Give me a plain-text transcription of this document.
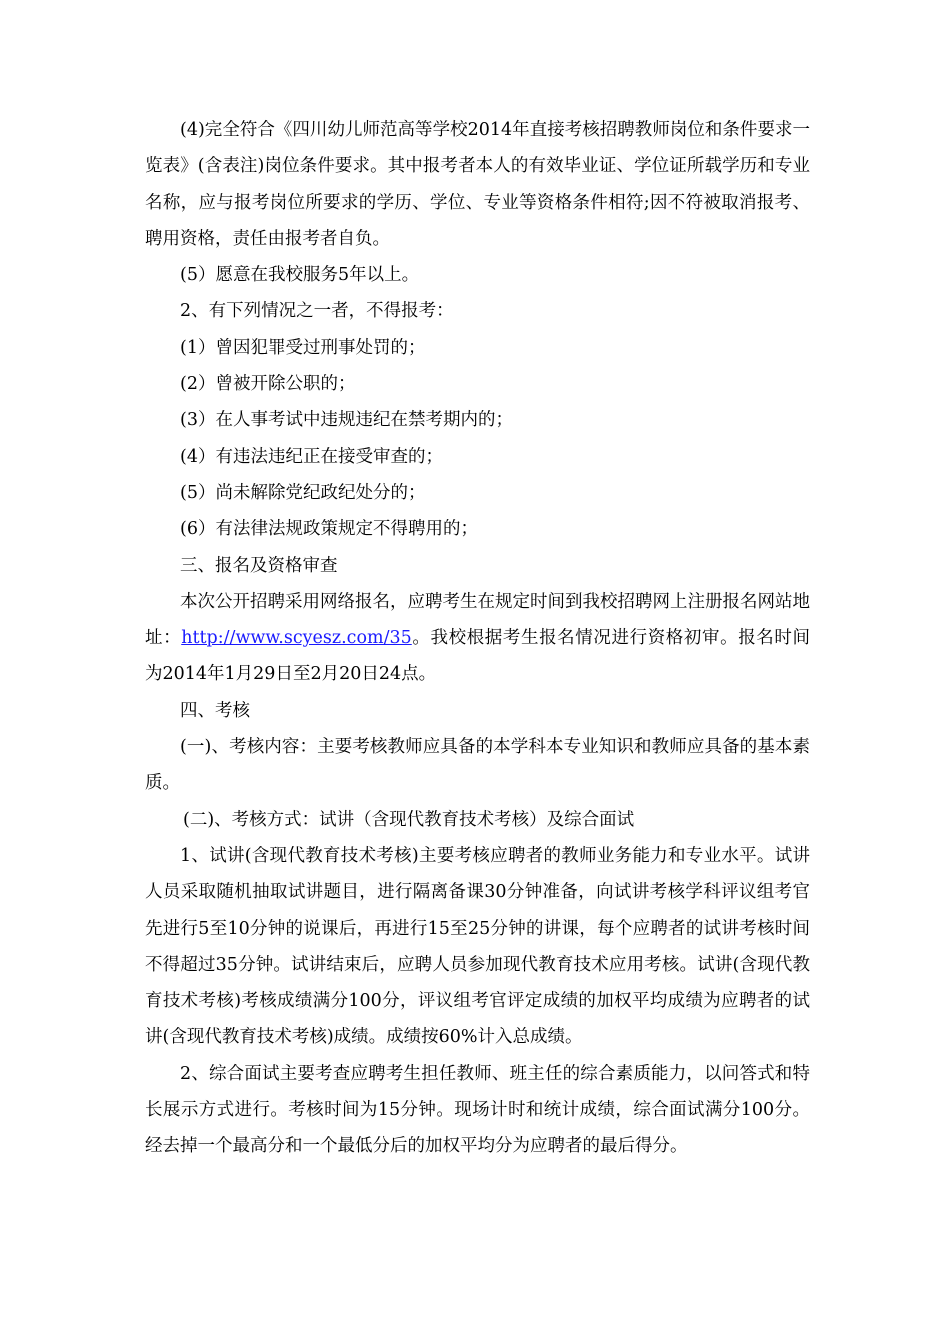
(4)完全符合《四川幼儿师范高等学校2014年直接考核招聘教师岗位和条件要求一览表》(含表注)岗位条件要求。其中报考者本人的有效毕业证、学位证所载学历和专业名称，应与报考岗位所要求的学历、学位、专业等资格条件相符;因不符被取消报考、聘用资格，责任由报考者自负。

(5）愿意在我校服务5年以上。

2、有下列情况之一者，不得报考：

(1）曾因犯罪受过刑事处罚的；

(2）曾被开除公职的；

(3）在人事考试中违规违纪在禁考期内的；

(4）有违法违纪正在接受审查的；

(5）尚未解除党纪政纪处分的；

(6）有法律法规政策规定不得聘用的；

三、报名及资格审查

本次公开招聘采用网络报名，应聘考生在规定时间到我校招聘网上注册报名网站地址：http://www.scyesz.com/35。我校根据考生报名情况进行资格初审。报名时间为2014年1月29日至2月20日24点。

四、考核

(一)、考核内容：主要考核教师应具备的本学科本专业知识和教师应具备的基本素质。

(二)、考核方式：试讲（含现代教育技术考核）及综合面试

1、试讲(含现代教育技术考核)主要考核应聘者的教师业务能力和专业水平。试讲人员采取随机抽取试讲题目，进行隔离备课30分钟准备，向试讲考核学科评议组考官先进行5至10分钟的说课后，再进行15至25分钟的讲课，每个应聘者的试讲考核时间不得超过35分钟。试讲结束后，应聘人员参加现代教育技术应用考核。试讲(含现代教育技术考核)考核成绩满分100分，评议组考官评定成绩的加权平均成绩为应聘者的试讲(含现代教育技术考核)成绩。成绩按60%计入总成绩。

2、综合面试主要考查应聘考生担任教师、班主任的综合素质能力，以问答式和特长展示方式进行。考核时间为15分钟。现场计时和统计成绩，综合面试满分100分。经去掉一个最高分和一个最低分后的加权平均分为应聘者的最后得分。
